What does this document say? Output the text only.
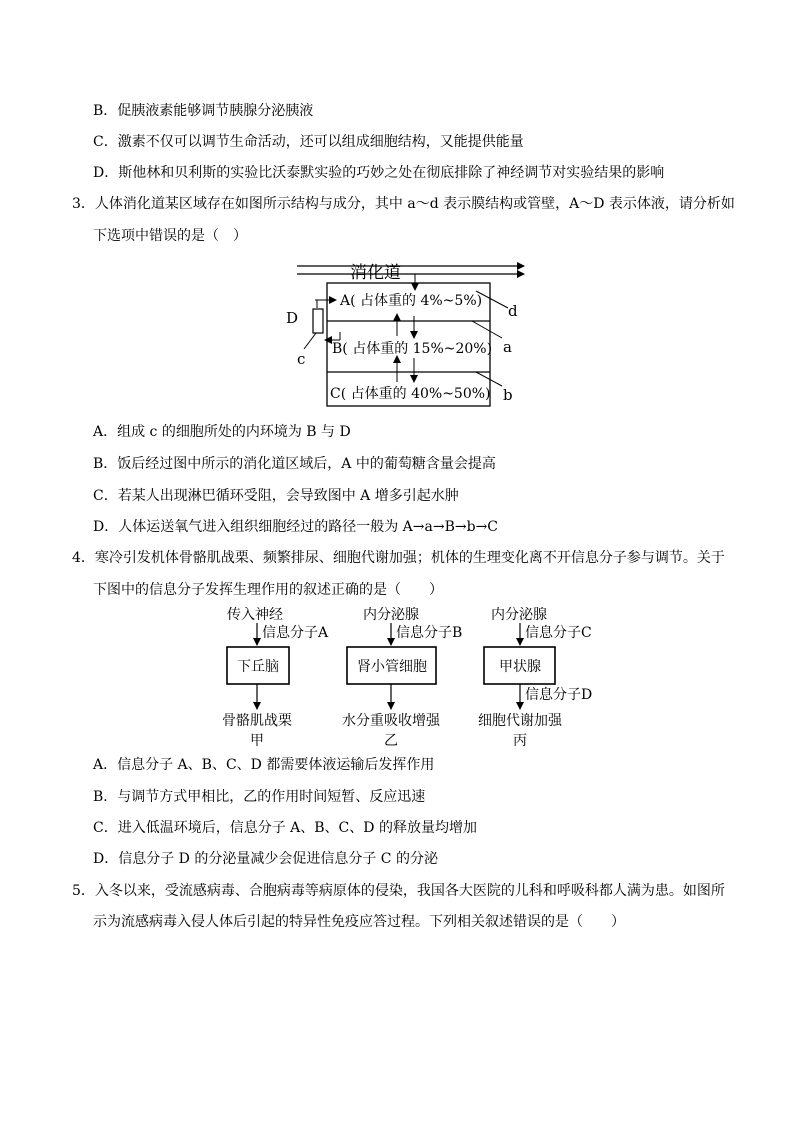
B．促胰液素能够调节胰腺分泌胰液
C．激素不仅可以调节生命活动，还可以组成细胞结构，又能提供能量
D．斯他林和贝利斯的实验比沃泰默实验的巧妙之处在彻底排除了神经调节对实验结果的影响
3．人体消化道某区域存在如图所示结构与成分，其中 a～d 表示膜结构或管壁，A～D 表示体液，请分析如
下选项中错误的是（　）
消化道
A( 占体重的 4%~5%)
B( 占体重的 15%~20%)
C( 占体重的 40%~50%)
d
a
b
c
D
A．组成 c 的细胞所处的内环境为 B 与 D
B．饭后经过图中所示的消化道区域后，A 中的葡萄糖含量会提高
C．若某人出现淋巴循环受阻，会导致图中 A 增多引起水肿
D．人体运送氧气进入组织细胞经过的路径一般为 A→a→B→b→C
4．寒冷引发机体骨骼肌战栗、频繁排尿、细胞代谢加强；机体的生理变化离不开信息分子参与调节。关于
下图中的信息分子发挥生理作用的叙述正确的是（　　）
传入神经
信息分子A
下丘脑
骨骼肌战栗
甲
内分泌腺
信息分子B
肾小管细胞
水分重吸收增强
乙
内分泌腺
信息分子C
甲状腺
信息分子D
细胞代谢加强
丙
A．信息分子 A、B、C、D 都需要体液运输后发挥作用
B．与调节方式甲相比，乙的作用时间短暂、反应迅速
C．进入低温环境后，信息分子 A、B、C、D 的释放量均增加
D．信息分子 D 的分泌量减少会促进信息分子 C 的分泌
5．入冬以来，受流感病毒、合胞病毒等病原体的侵染，我国各大医院的儿科和呼吸科都人满为患。如图所
示为流感病毒入侵人体后引起的特异性免疫应答过程。下列相关叙述错误的是（　　）
